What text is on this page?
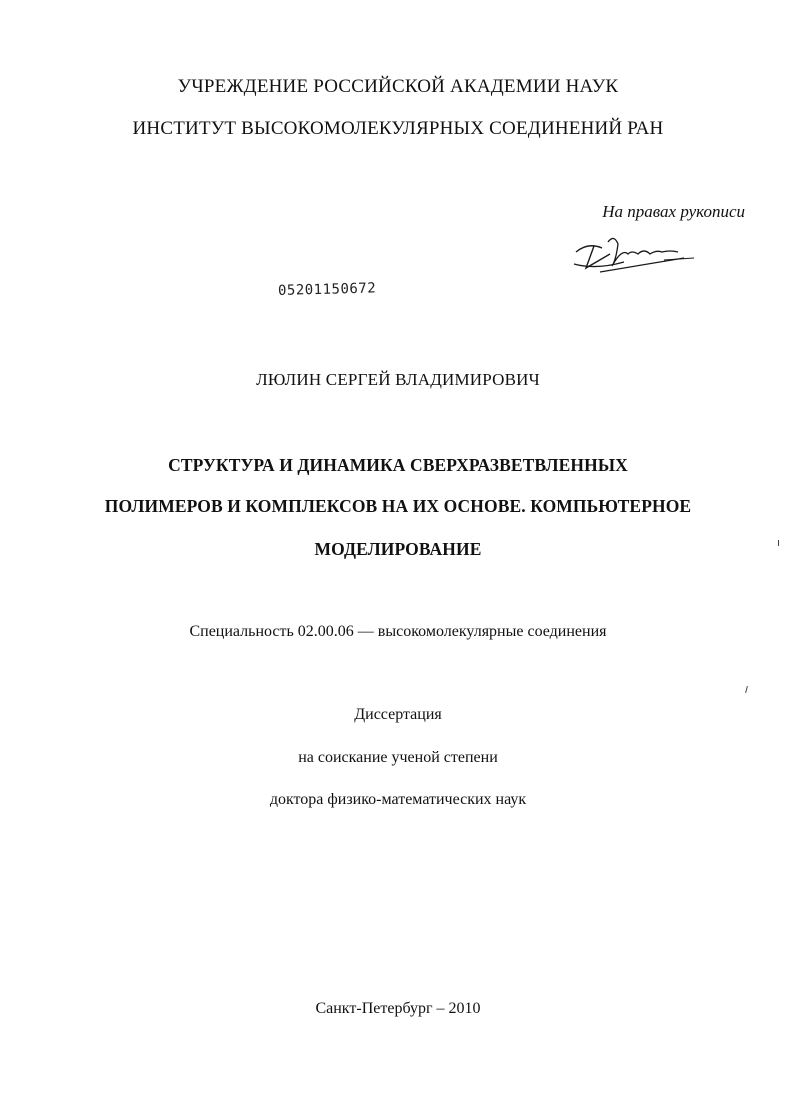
УЧРЕЖДЕНИЕ РОССИЙСКОЙ АКАДЕМИИ НАУК
ИНСТИТУТ ВЫСОКОМОЛЕКУЛЯРНЫХ СОЕДИНЕНИЙ РАН
На правах рукописи
05201150672
ЛЮЛИН СЕРГЕЙ ВЛАДИМИРОВИЧ
СТРУКТУРА И ДИНАМИКА СВЕРХРАЗВЕТВЛЕННЫХ
ПОЛИМЕРОВ И КОМПЛЕКСОВ НА ИХ ОСНОВЕ. КОМПЬЮТЕРНОЕ
МОДЕЛИРОВАНИЕ
Специальность 02.00.06 — высокомолекулярные соединения
Диссертация
на соискание ученой степени
доктора физико-математических наук
Санкт-Петербург – 2010
